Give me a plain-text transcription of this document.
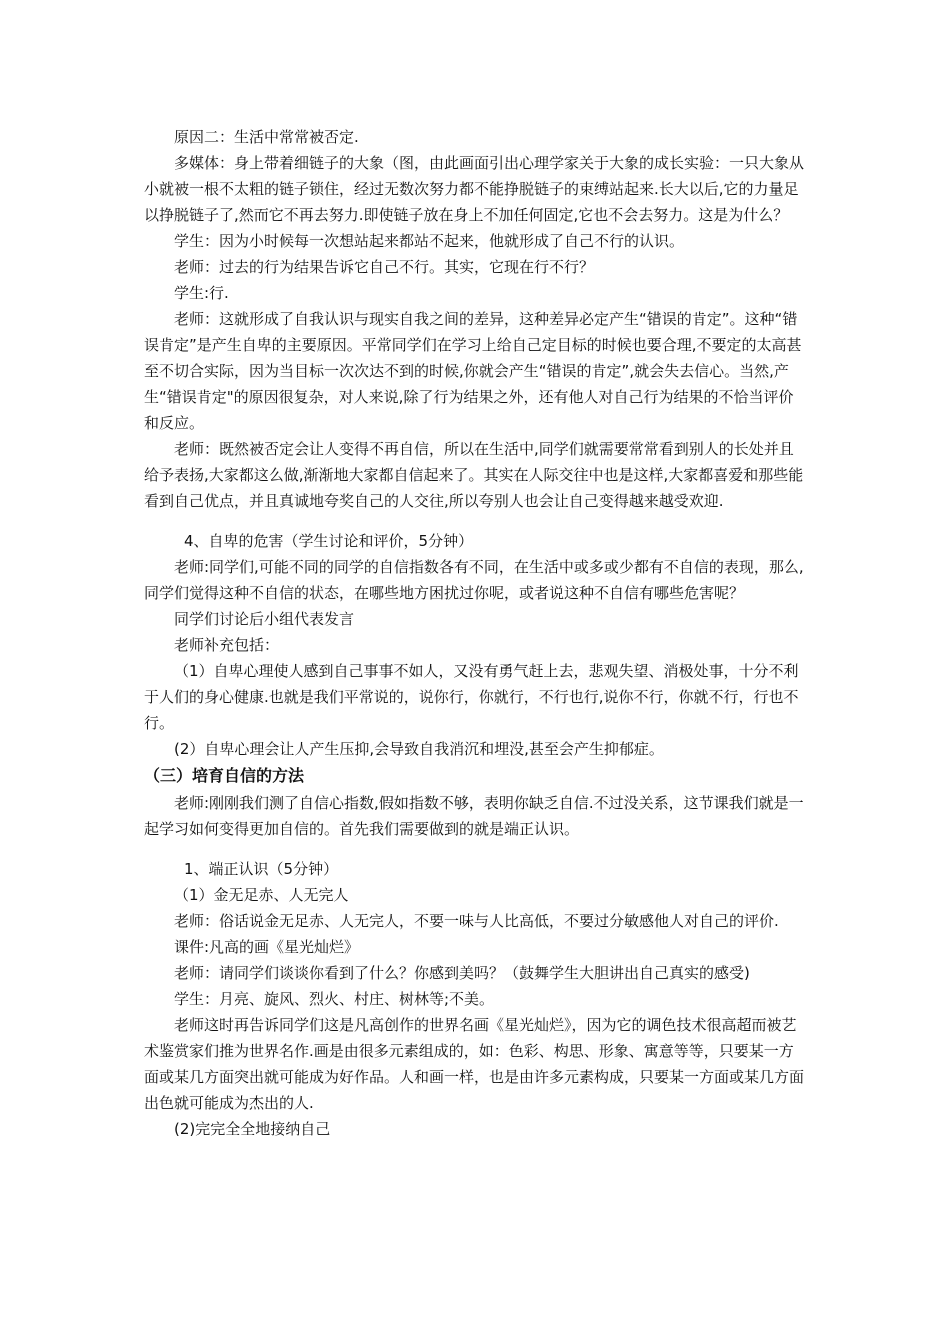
原因二：生活中常常被否定.

多媒体：身上带着细链子的大象（图，由此画面引出心理学家关于大象的成长实验：一只大象从小就被一根不太粗的链子锁住，经过无数次努力都不能挣脱链子的束缚站起来.长大以后,它的力量足以挣脱链子了,然而它不再去努力.即使链子放在身上不加任何固定,它也不会去努力。这是为什么？

学生：因为小时候每一次想站起来都站不起来，他就形成了自己不行的认识。

老师：过去的行为结果告诉它自己不行。其实，它现在行不行？

学生:行.

老师：这就形成了自我认识与现实自我之间的差异，这种差异必定产生“错误的肯定”。这种“错误肯定”是产生自卑的主要原因。平常同学们在学习上给自己定目标的时候也要合理,不要定的太高甚至不切合实际，因为当目标一次次达不到的时候,你就会产生“错误的肯定”,就会失去信心。当然,产生“错误肯定"的原因很复杂，对人来说,除了行为结果之外，还有他人对自己行为结果的不恰当评价和反应。

老师：既然被否定会让人变得不再自信，所以在生活中,同学们就需要常常看到别人的长处并且给予表扬,大家都这么做,渐渐地大家都自信起来了。其实在人际交往中也是这样,大家都喜爱和那些能看到自己优点，并且真诚地夸奖自己的人交往,所以夸别人也会让自己变得越来越受欢迎.

4、自卑的危害（学生讨论和评价，5分钟）

老师:同学们,可能不同的同学的自信指数各有不同，在生活中或多或少都有不自信的表现，那么,同学们觉得这种不自信的状态，在哪些地方困扰过你呢，或者说这种不自信有哪些危害呢？

同学们讨论后小组代表发言

老师补充包括：

（1）自卑心理使人感到自己事事不如人，又没有勇气赶上去，悲观失望、消极处事，十分不利于人们的身心健康.也就是我们平常说的，说你行，你就行，不行也行,说你不行，你就不行，行也不行。

(2）自卑心理会让人产生压抑,会导致自我消沉和埋没,甚至会产生抑郁症。

（三）培育自信的方法

老师:刚刚我们测了自信心指数,假如指数不够，表明你缺乏自信.不过没关系，这节课我们就是一起学习如何变得更加自信的。首先我们需要做到的就是端正认识。

1、端正认识（5分钟）

（1）金无足赤、人无完人

老师：俗话说金无足赤、人无完人，不要一味与人比高低，不要过分敏感他人对自己的评价.

课件:凡高的画《星光灿烂》

老师：请同学们谈谈你看到了什么？你感到美吗？（鼓舞学生大胆讲出自己真实的感受)

学生：月亮、旋风、烈火、村庄、树林等;不美。

老师这时再告诉同学们这是凡高创作的世界名画《星光灿烂》，因为它的调色技术很高超而被艺术鉴赏家们推为世界名作.画是由很多元素组成的，如：色彩、构思、形象、寓意等等，只要某一方面或某几方面突出就可能成为好作品。人和画一样，也是由许多元素构成，只要某一方面或某几方面出色就可能成为杰出的人.

(2)完完全全地接纳自己
